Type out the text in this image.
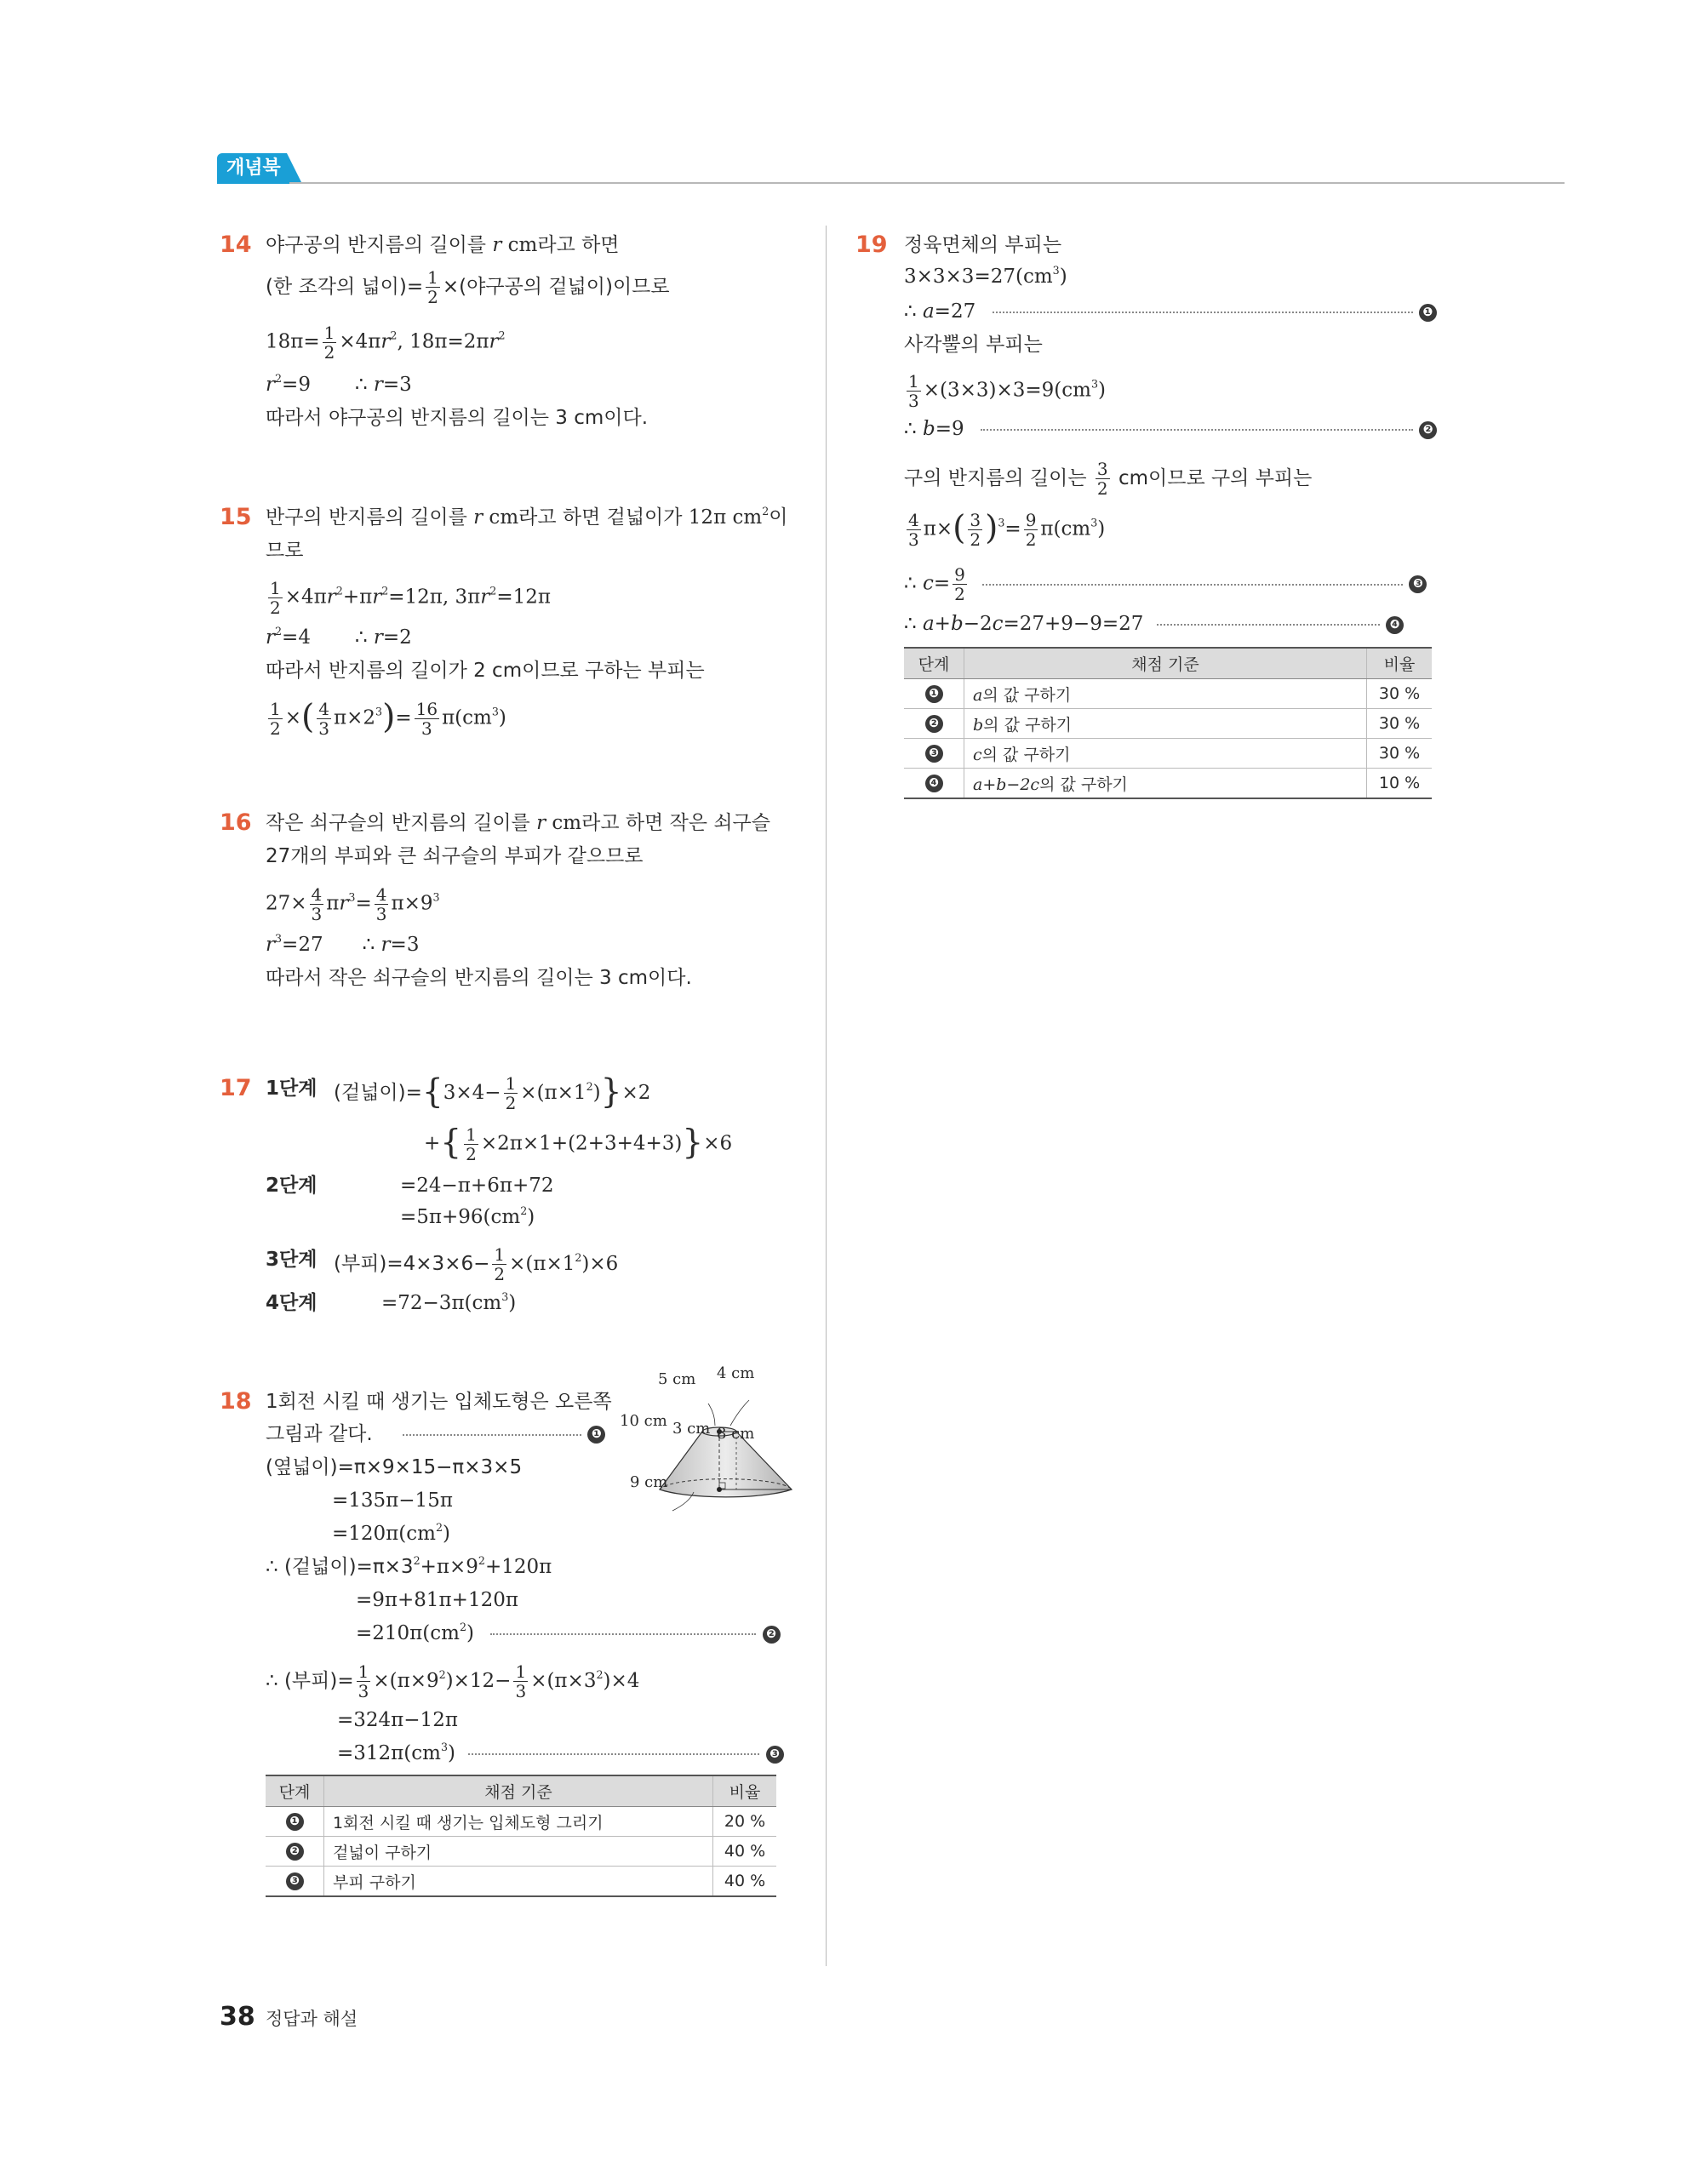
개념북
14 야구공의 반지름의 길이를 r cm라고 하면
(한 조각의 넓이)= $\frac{1}{2}$ ×(야구공의 겉넓이)이므로
$18\pi= \frac{1}{2} \times 4\pi r^2$, $18\pi=2\pi r^2$
$r^2=9$ ∴ r=3
따라서 야구공의 반지름의 길이는 3 cm이다.
15 반구의 반지름의 길이를 r cm라고 하면 겉넓이가 12π $cm^2$이
므로
$\frac{1}{2} \times 4\pi r^2+\pi r^2=12\pi$, $3\pi r^2=12\pi$
$r^2=4$ ∴ r=2
따라서 반지름의 길이가 2 cm이므로 구하는 부피는
$\frac{1}{2}$ ×( $\frac{4}{3} \pi\times 2^3)= \frac{16}{3} \pi(cm^3)$
16 작은 쇠구슬의 반지름의 길이를 r cm라고 하면 작은 쇠구슬
27개의 부피와 큰 쇠구슬의 부피가 같으므로
$27\times \frac{4}{3} \pi r^3= \frac{4}{3} \pi\times 9^3$
$r^3=27$ ∴ r=3
따라서 작은 쇠구슬의 반지름의 길이는 3 cm이다.
17 1단계 (겉넓이)$=\{3\times 4- \frac{1}{2} \times(\pi\times 1^2)\}\times 2$
+{ $\frac{1}{2} \times 2\pi\times 1+(2+3+4+3)\}\times 6$
2단계	=24−π+6π+72
$=5\pi+96(cm^2)$
3단계 (부피)$=4\times 3\times 6- \frac{1}{2} \times(\pi\times 1^2)\times 6$
4단계	$=72-3\pi(cm^3)$
18 1회전 시킬 때 생기는 입체도형은 오른쪽
그림과 같다.	❶
(옆넓이)=π×9×15−π×3×5
=135π−15π
$=120\pi(cm^2)$
∴ (겉넓이)$=\pi\times 3^2+\pi\times 9^2+120\pi$
=9π+81π+120π
$=210\pi(cm^2)$	❷
∴ (부피)= $\frac{1}{3} \times(\pi\times 9^2)\times 12- \frac{1}{3} \times(\pi\times 3^2)\times 4$
=324π−12π
$=312\pi(cm^3)$	❸
5 cm 4 cm
10 cm 3 cm 8 cm
9 cm
단계	채점 기준	비율
❶	1회전 시킬 때 생기는 입체도형 그리기	20 %
❷	겉넓이 구하기	40 %
❸	부피 구하기	40 %
19 정육면체의 부피는
$3\times 3\times 3=27(cm^3)$
∴ a=27	❶
사각뿔의 부피는
$\frac{1}{3} \times(3\times 3)\times 3=9(cm^3)$
∴ b=9	❷
구의 반지름의 길이는 $\frac{3}{2}$ cm이므로 구의 부피는
$\frac{4}{3} \pi\times( \frac{3}{2} )^3= \frac{9}{2} \pi(cm^3)$
∴ $c= \frac{9}{2}$	❸
∴ a+b−2c=27+9−9=27	❹
단계	채점 기준	비율
❶	a의 값 구하기	30 %
❷	b의 값 구하기	30 %
❸	c의 값 구하기	30 %
❹	a+b−2c의 값 구하기	10 %
38 정답과 해설
